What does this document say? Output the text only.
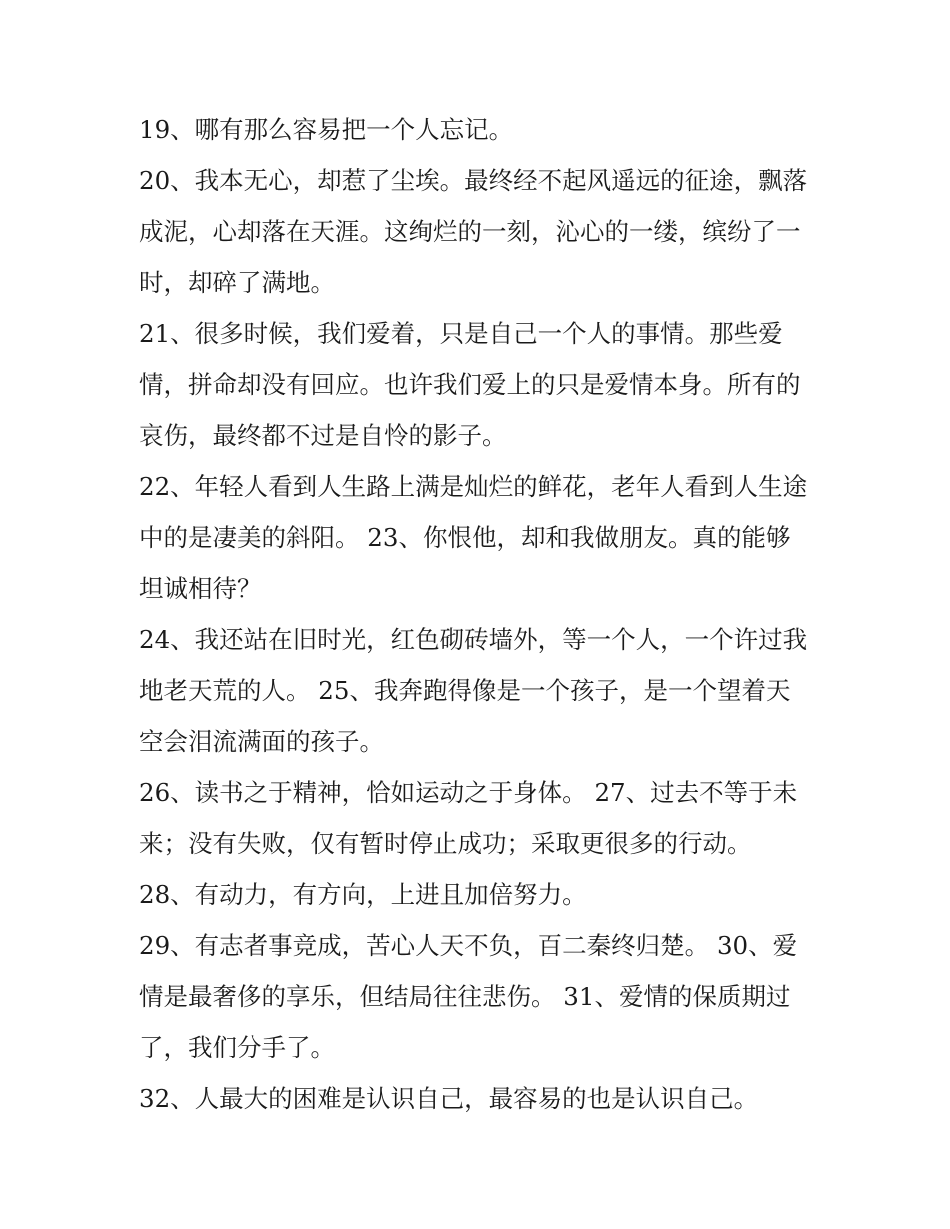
19、哪有那么容易把一个人忘记。

20、我本无心，却惹了尘埃。最终经不起风遥远的征途，飘落
成泥，心却落在天涯。这绚烂的一刻，沁心的一缕，缤纷了一
时，却碎了满地。

21、很多时候，我们爱着，只是自己一个人的事情。那些爱
情，拼命却没有回应。也许我们爱上的只是爱情本身。所有的
哀伤，最终都不过是自怜的影子。

22、年轻人看到人生路上满是灿烂的鲜花，老年人看到人生途
中的是凄美的斜阳。 23、你恨他，却和我做朋友。真的能够
坦诚相待？

24、我还站在旧时光，红色砌砖墙外，等一个人，一个许过我
地老天荒的人。 25、我奔跑得像是一个孩子，是一个望着天
空会泪流满面的孩子。

26、读书之于精神，恰如运动之于身体。 27、过去不等于未
来；没有失败，仅有暂时停止成功；采取更很多的行动。

28、有动力，有方向，上进且加倍努力。

29、有志者事竞成，苦心人天不负，百二秦终归楚。 30、爱
情是最奢侈的享乐，但结局往往悲伤。 31、爱情的保质期过
了，我们分手了。

32、人最大的困难是认识自己，最容易的也是认识自己。
